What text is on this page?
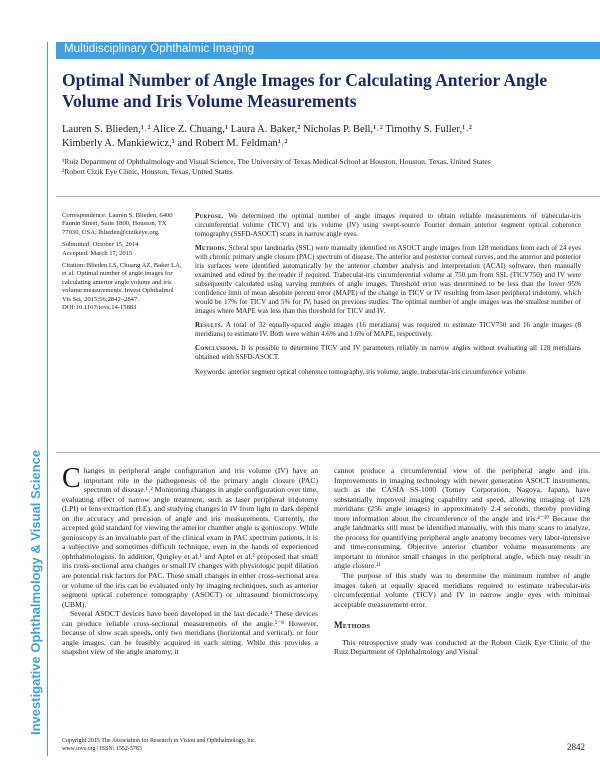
Multidisciplinary Ophthalmic Imaging
Investigative Ophthalmology & Visual Science
Optimal Number of Angle Images for Calculating Anterior Angle Volume and Iris Volume Measurements
Lauren S. Blieden,¹˒² Alice Z. Chuang,¹ Laura A. Baker,² Nicholas P. Bell,¹˒² Timothy S. Fuller,¹˒²
Kimberly A. Mankiewicz,¹ and Robert M. Feldman¹˒²
¹Ruiz Department of Ophthalmology and Visual Science, The University of Texas Medical School at Houston, Houston, Texas, United States
²Robert Cizik Eye Clinic, Houston, Texas, United States

Correspondence: Lauren S. Blieden, 6400 Fannin Street, Suite 1800, Houston, TX 77030, USA; lblieden@cizikeye.org.

Submitted: October 15, 2014

Accepted: March 17, 2015

Citation: Blieden LS, Chuang AZ, Baker LA, et al. Optimal number of angle images for calculating anterior angle volume and iris volume measurements. Invest Ophthalmol Vis Sci. 2015;56:2842–2847. DOI:10.1167/iovs.14-15883

Purpose. We determined the optimal number of angle images required to obtain reliable measurements of trabecular-iris circumferential volume (TICV) and iris volume (IV) using swept-source Fourier domain anterior segment optical coherence tomography (SSFD-ASOCT) scans in narrow angle eyes.

Methods. Scleral spur landmarks (SSL) were manually identified on ASOCT angle images from 128 meridians from each of 24 eyes with chronic primary angle closure (PAC) spectrum of disease. The anterior and posterior corneal curves, and the anterior and posterior iris surfaces were identified automatically by the anterior chamber analysis and interpretation (ACAI) software, then manually examined and edited by the reader if required. Trabecular-iris circumferential volume at 750 μm from SSL (TICV750) and IV were subsequently calculated using varying numbers of angle images. Threshold error was determined to be less than the lower 95% confidence limit of mean absolute percent error (MAPE) of the change in TICV or IV resulting from laser peripheral iridotomy, which would be 17% for TICV and 5% for IV, based on previous studies. The optimal number of angle images was the smallest number of images where MAPE was less than this threshold for TICV and IV.

Results. A total of 32 equally-spaced angle images (16 meridians) was required to estimate TICV750 and 16 angle images (8 meridians) to estimate IV. Both were within 4.6% and 1.6% of MAPE, respectively.

Conclusions. It is possible to determine TICV and IV parameters reliably in narrow angles without evaluating all 128 meridians obtained with SSFD-ASOCT.

Keywords: anterior segment optical coherence tomography, iris volume, angle, trabecular-iris circumference volume

Changes in peripheral angle configuration and iris volume (IV) have an important role in the pathogenesis of the primary angle closure (PAC) spectrum of disease.¹˒² Monitoring changes in angle configuration over time, evaluating effect of narrow angle treatment, such as laser peripheral iridotomy (LPI) or lens extraction (LE), and studying changes in IV from light to dark depend on the accuracy and precision of angle and iris measurements. Currently, the accepted gold standard for viewing the anterior chamber angle is gonioscopy. While gonioscopy is an invaluable part of the clinical exam in PAC spectrum patients, it is a subjective and sometimes difficult technique, even in the hands of experienced ophthalmologists. In addition, Quigley et al.¹ and Aptel et al.² proposed that small iris cross-sectional area changes or small IV changes with physiologic pupil dilation are potential risk factors for PAC. These small changes in either cross-sectional area or volume of the iris can be evaluated only by imaging techniques, such as anterior segment optical coherence tomography (ASOCT) or ultrasound biomicroscopy (UBM).

Several ASOCT devices have been developed in the last decade.⁴ These devices can produce reliable cross-sectional measurements of the angle.⁵⁻⁸ However, because of slow scan speeds, only two meridians (horizontal and vertical), or four angle images, can be feasibly acquired in each sitting. While this provides a snapshot view of the angle anatomy, it

cannot produce a circumferential view of the peripheral angle and iris. Improvements in imaging technology with newer generation ASOCT instruments, such as the CASIA SS-1000 (Tomey Corporation, Nagoya, Japan), have substantially improved imaging capability and speed, allowing imaging of 128 meridians (256 angle images) in approximately 2.4 seconds, thereby providing more information about the circumference of the angle and iris.⁴⁻¹⁰ Because the angle landmarks still must be identified manually, with this many scans to analyze, the process for quantifying peripheral angle anatomy becomes very labor-intensive and time-consuming. Objective anterior chamber volume measurements are important to monitor small changes in the peripheral angle, which may result in angle closure.¹¹

The purpose of this study was to determine the minimum number of angle images taken at equally spaced meridians required to estimate trabecular-iris circumferential volume (TICV) and IV in narrow angle eyes with minimal acceptable measurement error.

Methods

This retrospective study was conducted at the Robert Cizik Eye Clinic of the Ruiz Department of Ophthalmology and Visual

Copyright 2015 The Association for Research in Vision and Ophthalmology, Inc.
www.iovs.org | ISSN: 1552-5783	2842
